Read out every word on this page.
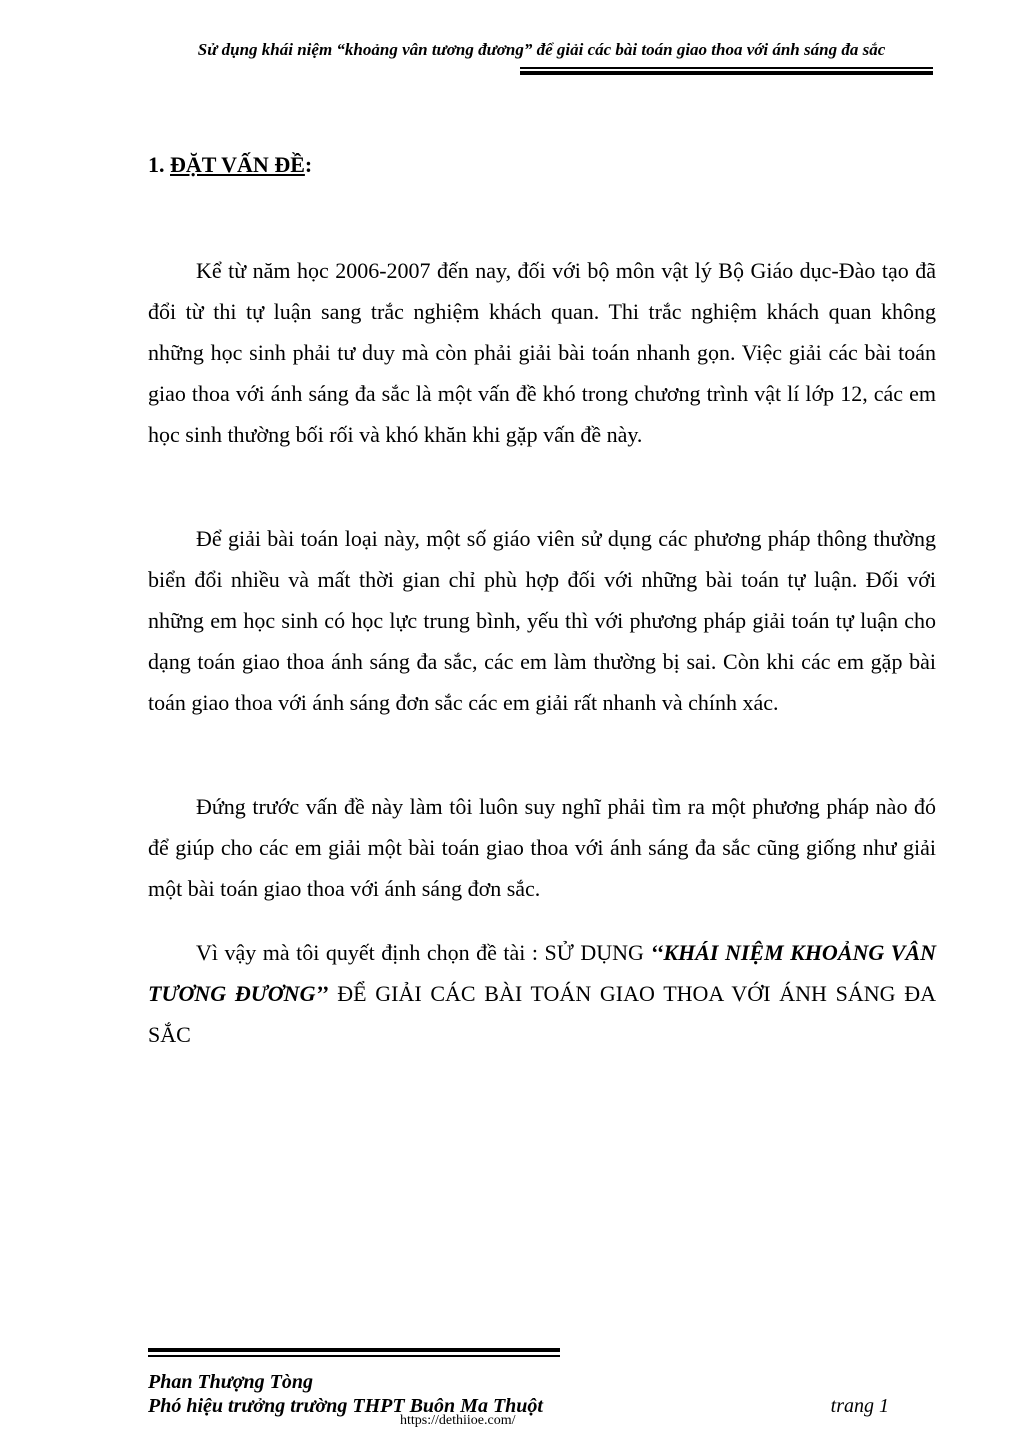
Sử dụng khái niệm “khoảng vân tương đương” để giải các bài toán giao thoa với ánh sáng đa sắc
1. ĐẶT VẤN ĐỀ:

Kể từ năm học 2006-2007 đến nay, đối với bộ môn vật lý Bộ Giáo dục-Đào tạo đã đổi từ thi tự luận sang trắc nghiệm khách quan. Thi trắc nghiệm khách quan không những học sinh phải tư duy mà còn phải giải bài toán nhanh gọn. Việc giải các bài toán giao thoa với ánh sáng đa sắc là một vấn đề khó trong chương trình vật lí lớp 12, các em học sinh thường bối rối và khó khăn khi gặp vấn đề này.

Để giải bài toán loại này, một số giáo viên sử dụng các phương pháp thông thường biển đổi nhiều và mất thời gian chỉ phù hợp đối với những bài toán tự luận. Đối với những em học sinh có học lực trung bình, yếu thì với phương pháp giải toán tự luận cho dạng toán giao thoa ánh sáng đa sắc, các em làm thường bị sai. Còn khi các em gặp bài toán giao thoa với ánh sáng đơn sắc các em giải rất nhanh và chính xác.

Đứng trước vấn đề này làm tôi luôn suy nghĩ phải tìm ra một phương pháp nào đó để giúp cho các em giải một bài toán giao thoa với ánh sáng đa sắc cũng giống như giải một bài toán giao thoa với ánh sáng đơn sắc.

Vì vậy mà tôi quyết định chọn đề tài : SỬ DỤNG ‘‘KHÁI NIỆM KHOẢNG VÂN TƯƠNG ĐƯƠNG’’ ĐỂ GIẢI CÁC BÀI TOÁN GIAO THOA VỚI ÁNH SÁNG ĐA SẮC

Phan Thượng Tòng
Phó hiệu trưởng trường THPT Buôn Ma Thuột	trang 1
https://dethiioe.com/
